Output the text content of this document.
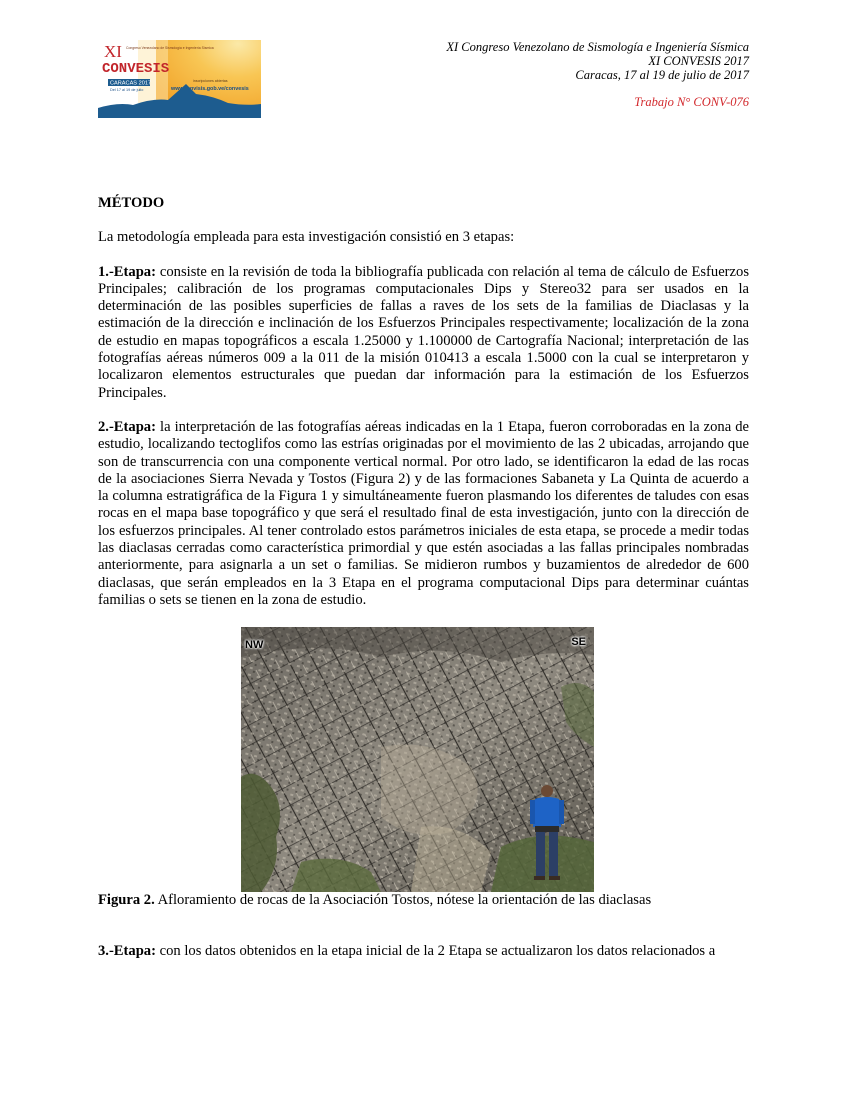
XI
CONVESIS
Congreso Venezolano de Sismología e Ingeniería Sísmica
CARACAS 2017
Del 17 al 19 de julio
inscripciones abiertas
www.funvisis.gob.ve/convesis
XI Congreso Venezolano de Sismología e Ingeniería Sísmica
XI CONVESIS 2017
Caracas, 17 al 19 de julio de 2017
Trabajo N° CONV-076

MÉTODO

La metodología empleada para esta investigación consistió en 3 etapas:

1.-Etapa: consiste en la revisión de toda la bibliografía publicada con relación al tema de cálculo de Esfuerzos Principales; calibración de los programas computacionales Dips y Stereo32 para ser usados en la determinación de las posibles superficies de fallas a raves de los sets de la familias de Diaclasas y la estimación de la dirección e inclinación de los Esfuerzos Principales respectivamente; localización de la zona de estudio en mapas topográficos a escala 1.25000 y 1.100000 de Cartografía Nacional; interpretación de las fotografías aéreas números 009 a la 011 de la misión 010413 a escala 1.5000 con la cual se interpretaron y localizaron elementos estructurales que puedan dar información para la estimación de los Esfuerzos Principales.

2.-Etapa: la interpretación de las fotografías aéreas indicadas en la 1 Etapa, fueron corroboradas en la zona de estudio, localizando tectoglifos como las estrías originadas por el movimiento de las 2 ubicadas, arrojando que son de transcurrencia con una componente vertical normal. Por otro lado, se identificaron la edad de las rocas de la asociaciones Sierra Nevada y Tostos (Figura 2) y de las formaciones Sabaneta y La Quinta de acuerdo a la columna estratigráfica de la Figura 1 y simultáneamente fueron plasmando los diferentes de taludes con esas rocas en el mapa base topográfico y que será el resultado final de esta investigación, junto con la dirección de los esfuerzos principales. Al tener controlado estos parámetros iniciales de esta etapa, se procede a medir todas las diaclasas cerradas como característica primordial y que estén asociadas a las fallas principales nombradas anteriormente, para asignarla a un set o familias. Se midieron rumbos y buzamientos de alrededor de 600 diaclasas, que serán empleados en la 3 Etapa en el programa computacional Dips para determinar cuántas familias o sets se tienen en la zona de estudio.

NW	SE

Figura 2. Afloramiento de rocas de la Asociación Tostos, nótese la orientación de las diaclasas

3.-Etapa: con los datos obtenidos en la etapa inicial de la 2 Etapa se actualizaron los datos relacionados a
